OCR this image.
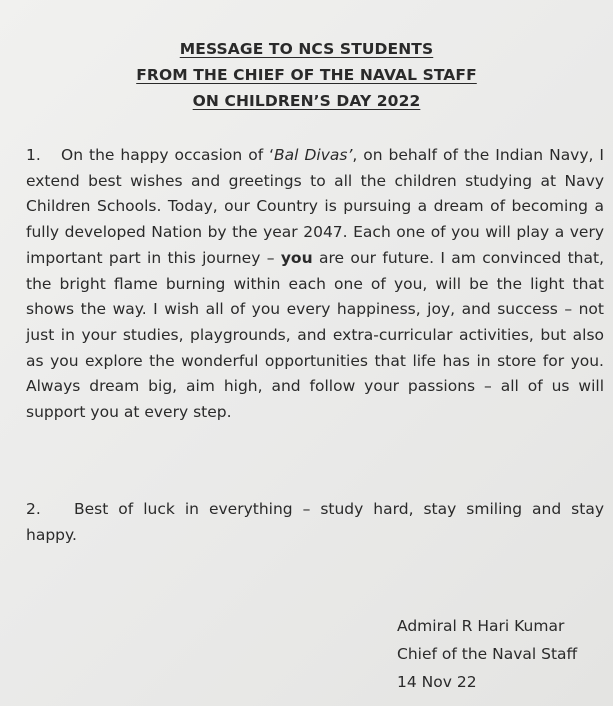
MESSAGE TO NCS STUDENTS
FROM THE CHIEF OF THE NAVAL STAFF
ON CHILDREN’S DAY 2022

1. On the happy occasion of ‘Bal Divas’, on behalf of the Indian Navy, I extend best wishes and greetings to all the children studying at Navy Children Schools. Today, our Country is pursuing a dream of becoming a fully developed Nation by the year 2047. Each one of you will play a very important part in this journey – you are our future. I am convinced that, the bright flame burning within each one of you, will be the light that shows the way. I wish all of you every happiness, joy, and success – not just in your studies, playgrounds, and extra-curricular activities, but also as you explore the wonderful opportunities that life has in store for you. Always dream big, aim high, and follow your passions – all of us will support you at every step.

2. Best of luck in everything – study hard, stay smiling and stay happy.

Admiral R Hari Kumar
Chief of the Naval Staff
14 Nov 22
